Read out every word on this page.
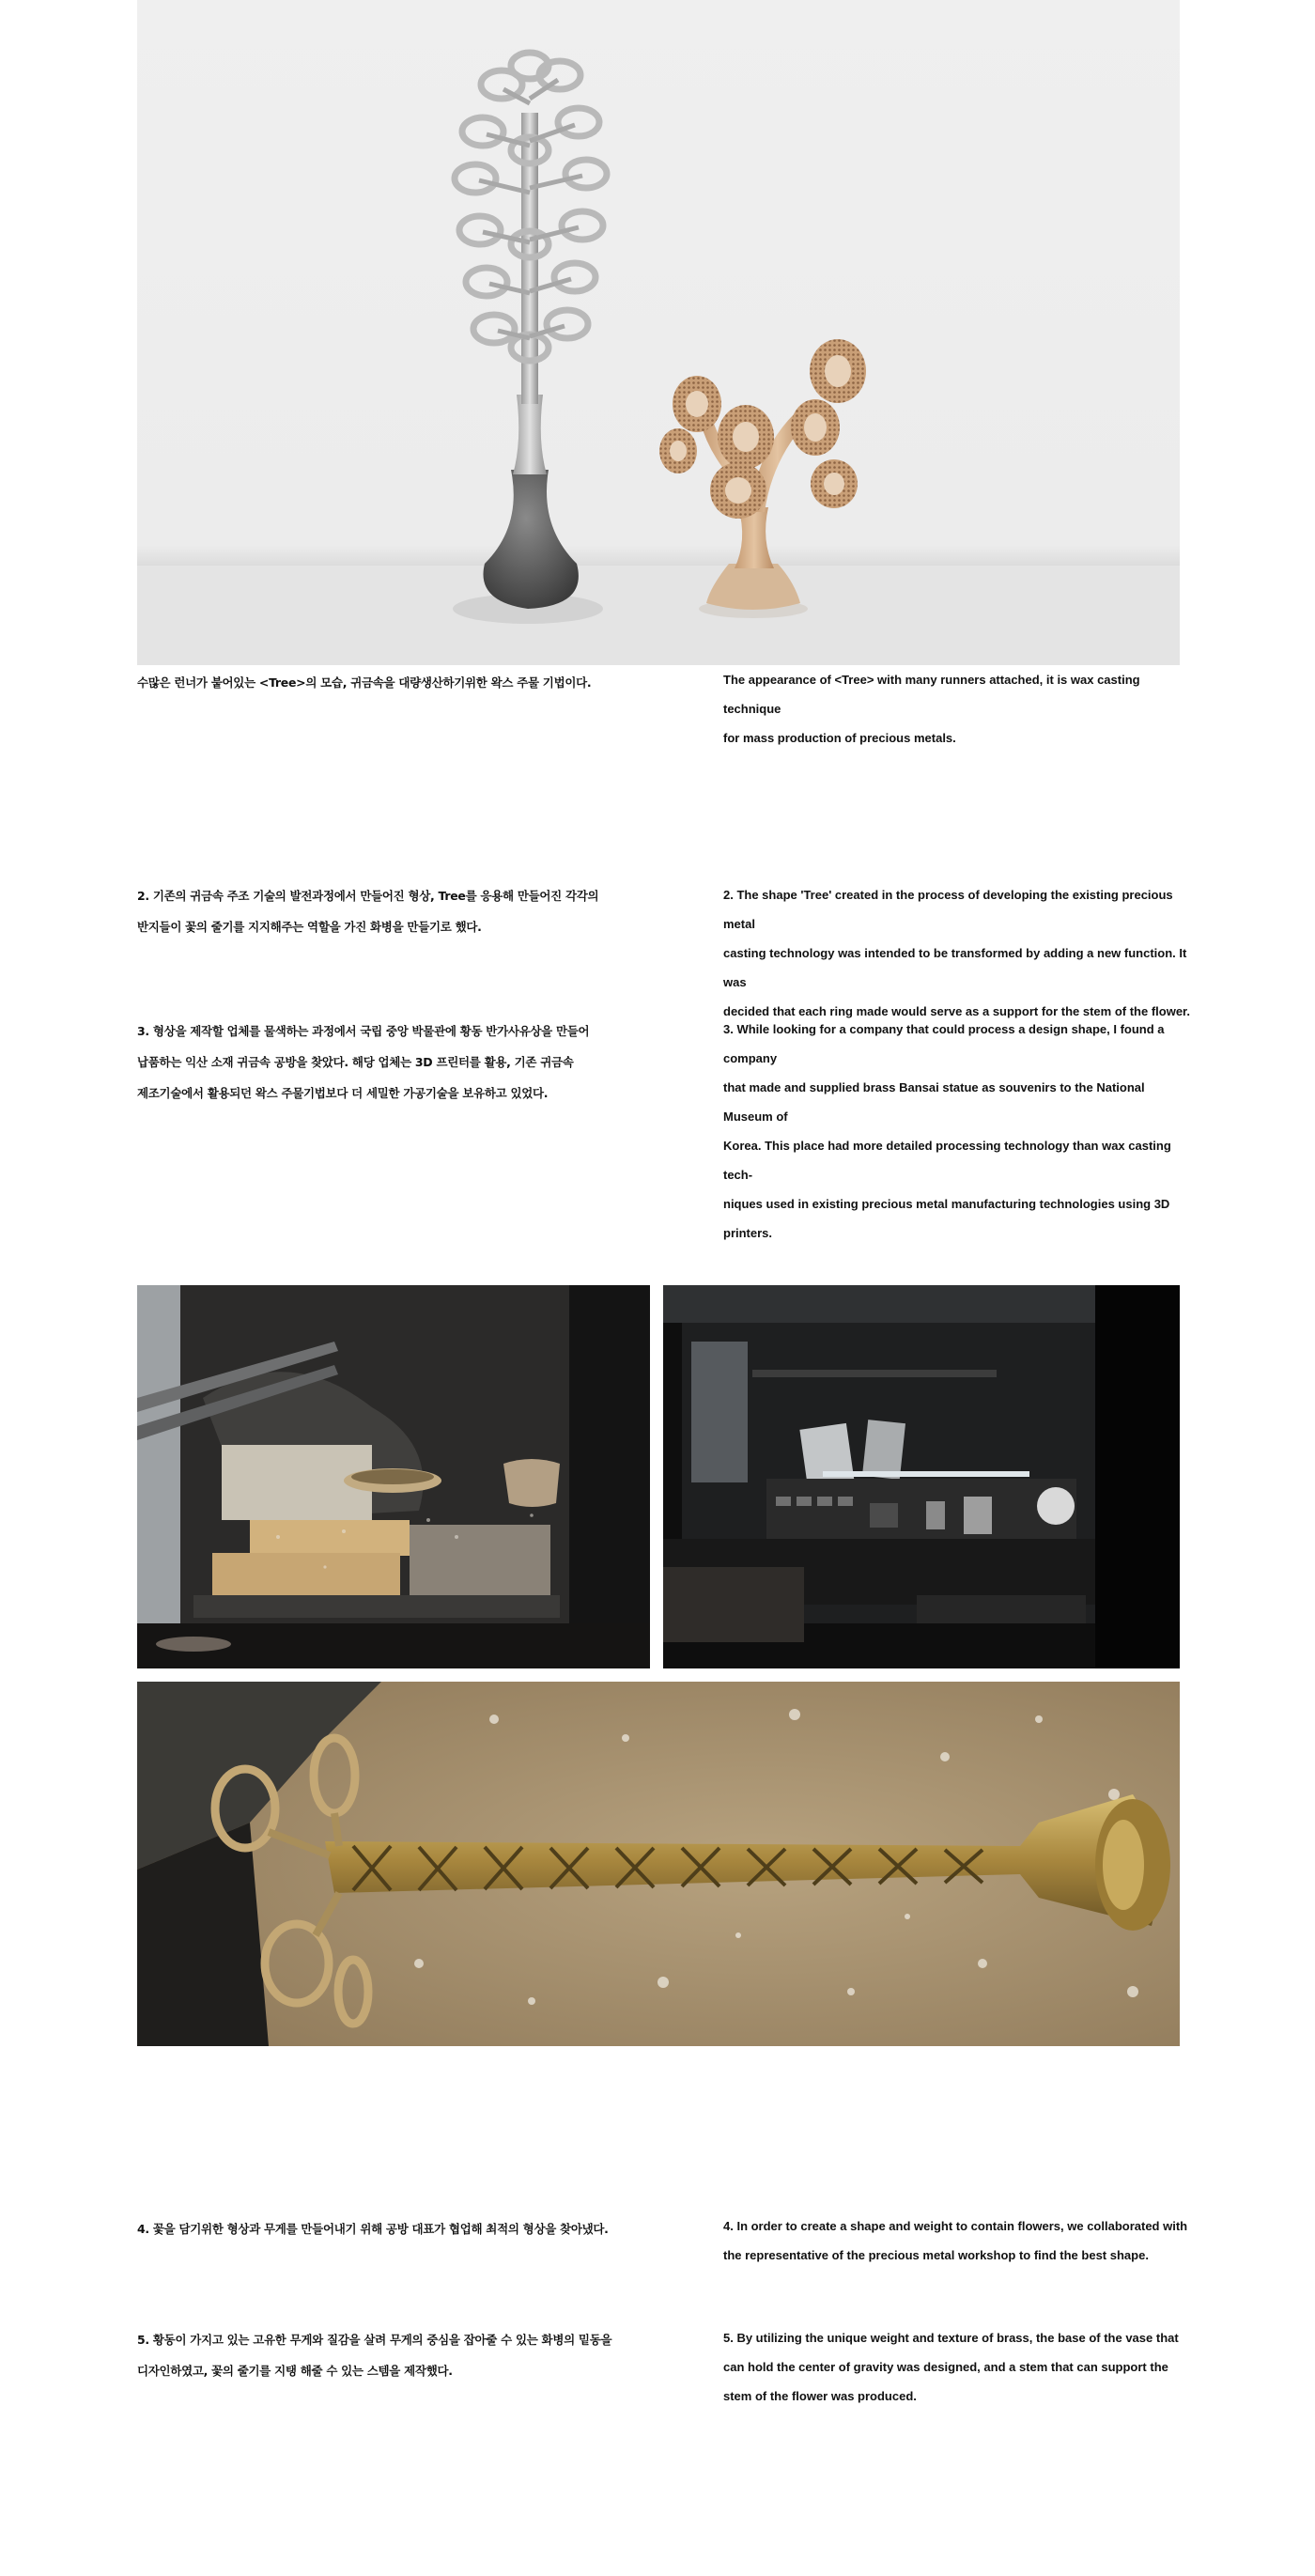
수많은 런너가 붙어있는 <Tree>의 모습, 귀금속을 대량생산하기위한 왁스 주물 기법이다.	The appearance of <Tree> with many runners attached, it is wax casting technique
for mass production of precious metals.

2. 기존의 귀금속 주조 기술의 발전과정에서 만들어진 형상, Tree를 응용해 만들어진 각각의
반지들이 꽃의 줄기를 지지해주는 역할을 가진 화병을 만들기로 했다.

2. The shape 'Tree' created in the process of developing the existing precious metal
casting technology was intended to be transformed by adding a new function. It was
decided that each ring made would serve as a support for the stem of the flower.

3. 형상을 제작할 업체를 물색하는 과정에서 국립 중앙 박물관에 황동 반가사유상을 만들어
납품하는 익산 소재 귀금속 공방을 찾았다. 해당 업체는 3D 프린터를 활용, 기존 귀금속
제조기술에서 활용되던 왁스 주물기법보다 더 세밀한 가공기술을 보유하고 있었다.

3. While looking for a company that could process a design shape, I found a company
that made and supplied brass Bansai statue as souvenirs to the National Museum of
Korea. This place had more detailed processing technology than wax casting tech-
niques used in existing precious metal manufacturing technologies using 3D printers.

4. 꽃을 담기위한 형상과 무게를 만들어내기 위해 공방 대표가 협업해 최적의 형상을 찾아냈다.	4. In order to create a shape and weight to contain flowers, we collaborated with
the representative of the precious metal workshop to find the best shape.

5. 황동이 가지고 있는 고유한 무게와 질감을 살려 무게의 중심을 잡아줄 수 있는 화병의 밑동을
디자인하였고, 꽃의 줄기를 지탱 해줄 수 있는 스템을 제작했다.

5. By utilizing the unique weight and texture of brass, the base of the vase that
can hold the center of gravity was designed, and a stem that can support the
stem of the flower was produced.
